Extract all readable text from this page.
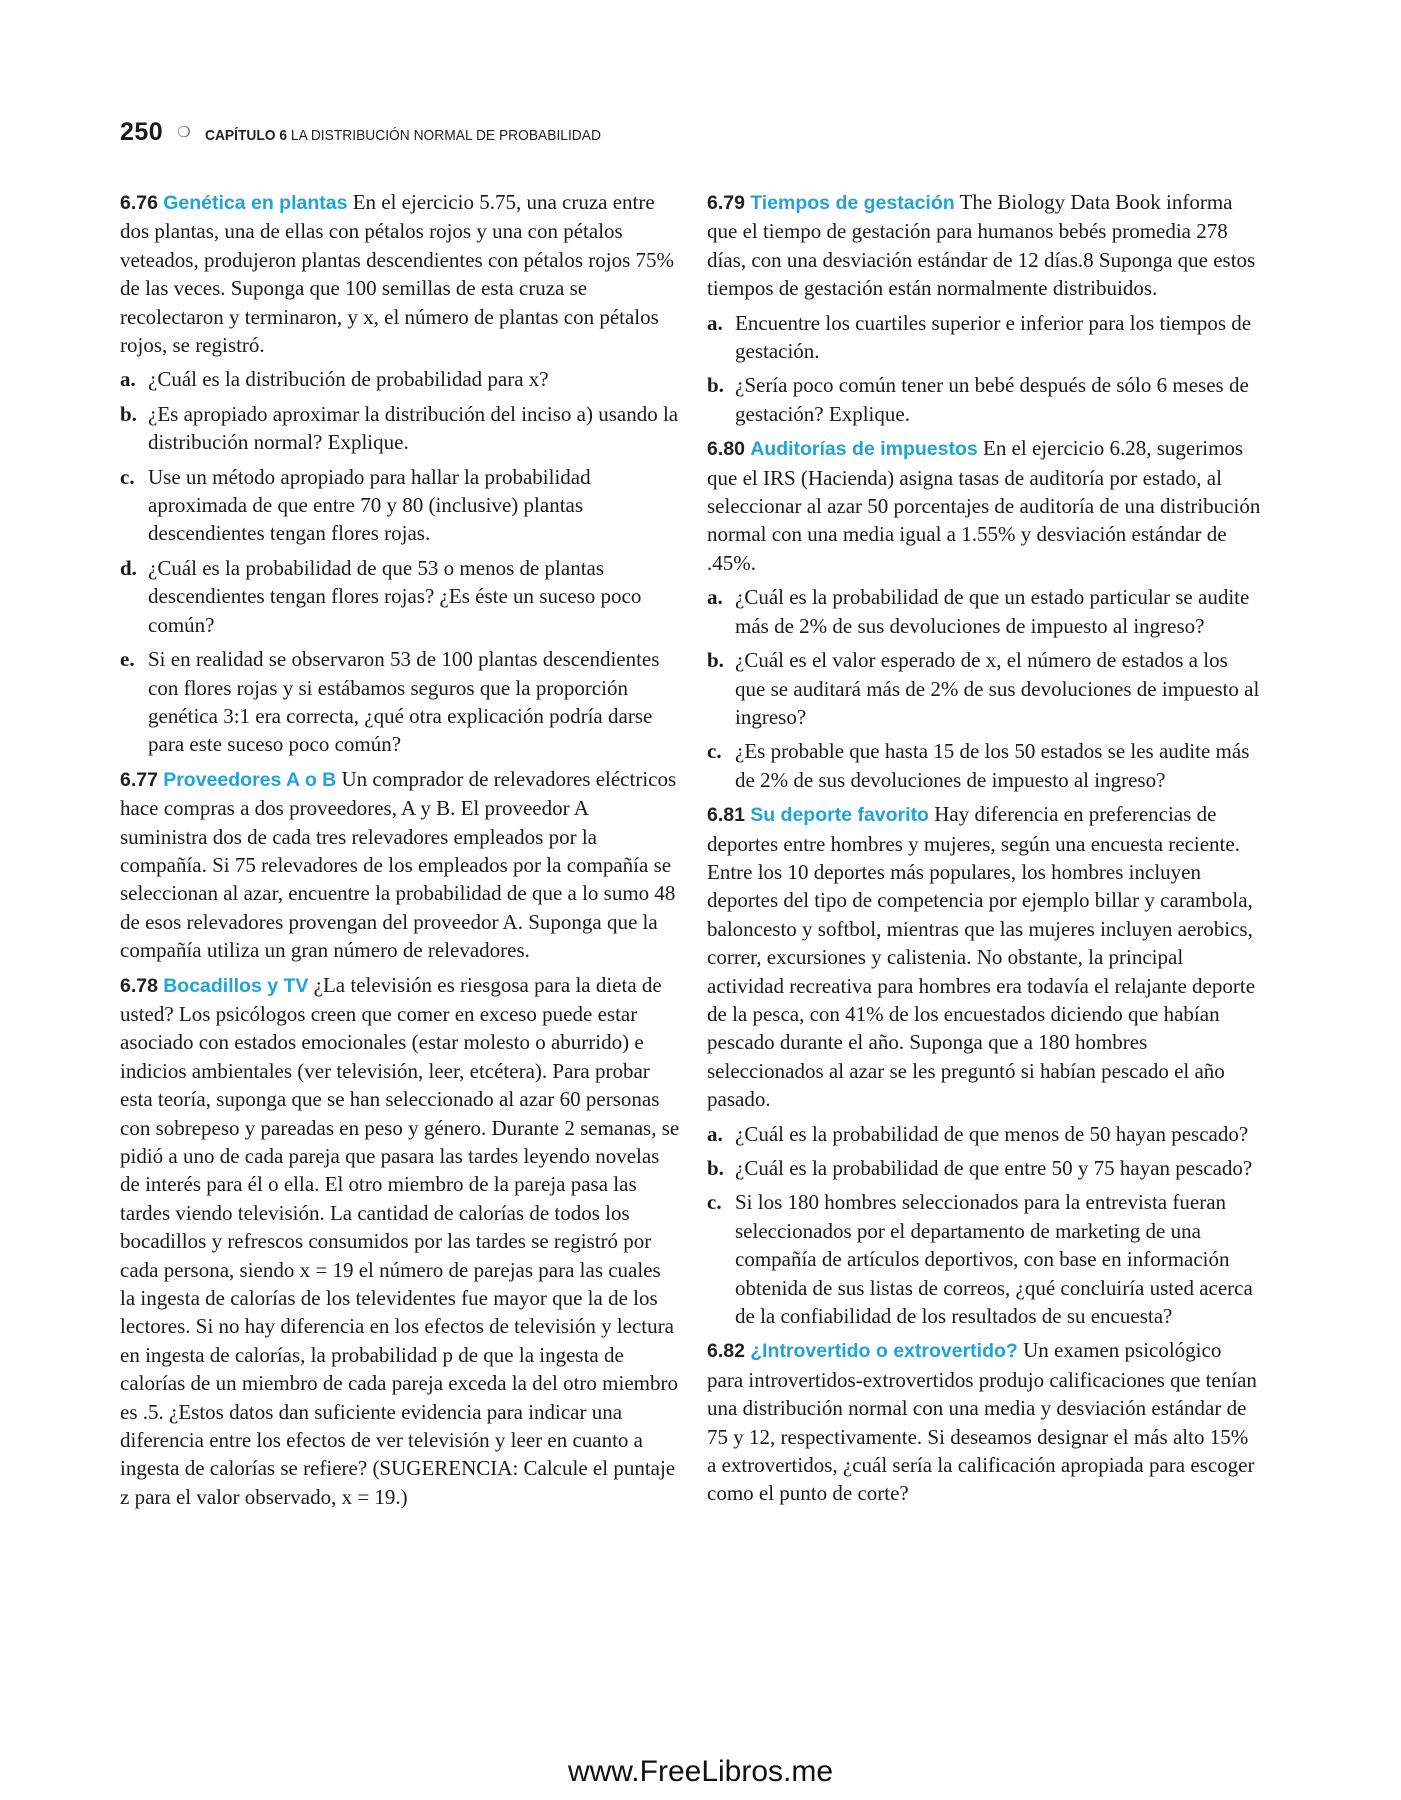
250 ❍ CAPÍTULO 6 LA DISTRIBUCIÓN NORMAL DE PROBABILIDAD

6.76 Genética en plantas En el ejercicio 5.75, una cruza entre dos plantas, una de ellas con pétalos rojos y una con pétalos veteados, produjeron plantas descendientes con pétalos rojos 75% de las veces. Suponga que 100 semillas de esta cruza se recolectaron y terminaron, y x, el número de plantas con pétalos rojos, se registró.

a. ¿Cuál es la distribución de probabilidad para x?
b. ¿Es apropiado aproximar la distribución del inciso a) usando la distribución normal? Explique.
c. Use un método apropiado para hallar la probabilidad aproximada de que entre 70 y 80 (inclusive) plantas descendientes tengan flores rojas.
d. ¿Cuál es la probabilidad de que 53 o menos de plantas descendientes tengan flores rojas? ¿Es éste un suceso poco común?
e. Si en realidad se observaron 53 de 100 plantas descendientes con flores rojas y si estábamos seguros que la proporción genética 3:1 era correcta, ¿qué otra explicación podría darse para este suceso poco común?

6.77 Proveedores A o B Un comprador de relevadores eléctricos hace compras a dos proveedores, A y B. El proveedor A suministra dos de cada tres relevadores empleados por la compañía. Si 75 relevadores de los empleados por la compañía se seleccionan al azar, encuentre la probabilidad de que a lo sumo 48 de esos relevadores provengan del proveedor A. Suponga que la compañía utiliza un gran número de relevadores.

6.78 Bocadillos y TV ¿La televisión es riesgosa para la dieta de usted? Los psicólogos creen que comer en exceso puede estar asociado con estados emocionales (estar molesto o aburrido) e indicios ambientales (ver televisión, leer, etcétera). Para probar esta teoría, suponga que se han seleccionado al azar 60 personas con sobrepeso y pareadas en peso y género. Durante 2 semanas, se pidió a uno de cada pareja que pasara las tardes leyendo novelas de interés para él o ella. El otro miembro de la pareja pasa las tardes viendo televisión. La cantidad de calorías de todos los bocadillos y refrescos consumidos por las tardes se registró por cada persona, siendo x = 19 el número de parejas para las cuales la ingesta de calorías de los televidentes fue mayor que la de los lectores. Si no hay diferencia en los efectos de televisión y lectura en ingesta de calorías, la probabilidad p de que la ingesta de calorías de un miembro de cada pareja exceda la del otro miembro es .5. ¿Estos datos dan suficiente evidencia para indicar una diferencia entre los efectos de ver televisión y leer en cuanto a ingesta de calorías se refiere? (SUGERENCIA: Calcule el puntaje z para el valor observado, x = 19.)

6.79 Tiempos de gestación The Biology Data Book informa que el tiempo de gestación para humanos bebés promedia 278 días, con una desviación estándar de 12 días.8 Suponga que estos tiempos de gestación están normalmente distribuidos.

a. Encuentre los cuartiles superior e inferior para los tiempos de gestación.
b. ¿Sería poco común tener un bebé después de sólo 6 meses de gestación? Explique.

6.80 Auditorías de impuestos En el ejercicio 6.28, sugerimos que el IRS (Hacienda) asigna tasas de auditoría por estado, al seleccionar al azar 50 porcentajes de auditoría de una distribución normal con una media igual a 1.55% y desviación estándar de .45%.

a. ¿Cuál es la probabilidad de que un estado particular se audite más de 2% de sus devoluciones de impuesto al ingreso?
b. ¿Cuál es el valor esperado de x, el número de estados a los que se auditará más de 2% de sus devoluciones de impuesto al ingreso?
c. ¿Es probable que hasta 15 de los 50 estados se les audite más de 2% de sus devoluciones de impuesto al ingreso?

6.81 Su deporte favorito Hay diferencia en preferencias de deportes entre hombres y mujeres, según una encuesta reciente. Entre los 10 deportes más populares, los hombres incluyen deportes del tipo de competencia por ejemplo billar y carambola, baloncesto y softbol, mientras que las mujeres incluyen aerobics, correr, excursiones y calistenia. No obstante, la principal actividad recreativa para hombres era todavía el relajante deporte de la pesca, con 41% de los encuestados diciendo que habían pescado durante el año. Suponga que a 180 hombres seleccionados al azar se les preguntó si habían pescado el año pasado.

a. ¿Cuál es la probabilidad de que menos de 50 hayan pescado?
b. ¿Cuál es la probabilidad de que entre 50 y 75 hayan pescado?
c. Si los 180 hombres seleccionados para la entrevista fueran seleccionados por el departamento de marketing de una compañía de artículos deportivos, con base en información obtenida de sus listas de correos, ¿qué concluiría usted acerca de la confiabilidad de los resultados de su encuesta?

6.82 ¿Introvertido o extrovertido? Un examen psicológico para introvertidos-extrovertidos produjo calificaciones que tenían una distribución normal con una media y desviación estándar de 75 y 12, respectivamente. Si deseamos designar el más alto 15% a extrovertidos, ¿cuál sería la calificación apropiada para escoger como el punto de corte?

www.FreeLibros.me
